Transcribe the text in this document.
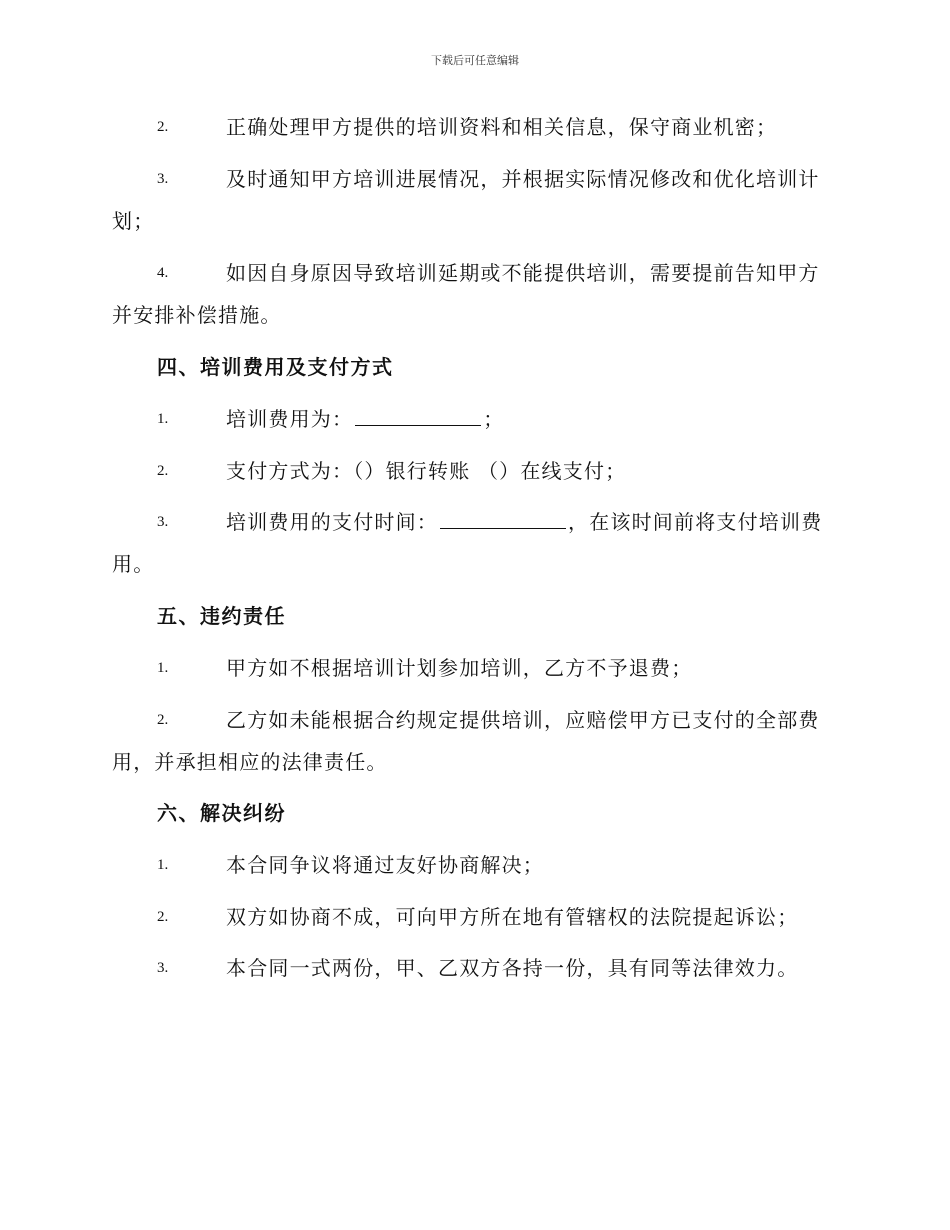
下载后可任意编辑
2.	正确处理甲方提供的培训资料和相关信息，保守商业机密；
3.	及时通知甲方培训进展情况，并根据实际情况修改和优化培训计
划；
4.	如因自身原因导致培训延期或不能提供培训，需要提前告知甲方
并安排补偿措施。
四、培训费用及支付方式
1.	培训费用为：	；
2.	支付方式为：（）银行转账 （）在线支付；
3.	培训费用的支付时间：	，在该时间前将支付培训费
用。
五、违约责任
1.	甲方如不根据培训计划参加培训，乙方不予退费；
2.	乙方如未能根据合约规定提供培训，应赔偿甲方已支付的全部费
用，并承担相应的法律责任。
六、解决纠纷
1.	本合同争议将通过友好协商解决；
2.	双方如协商不成，可向甲方所在地有管辖权的法院提起诉讼；
3.	本合同一式两份，甲、乙双方各持一份，具有同等法律效力。
